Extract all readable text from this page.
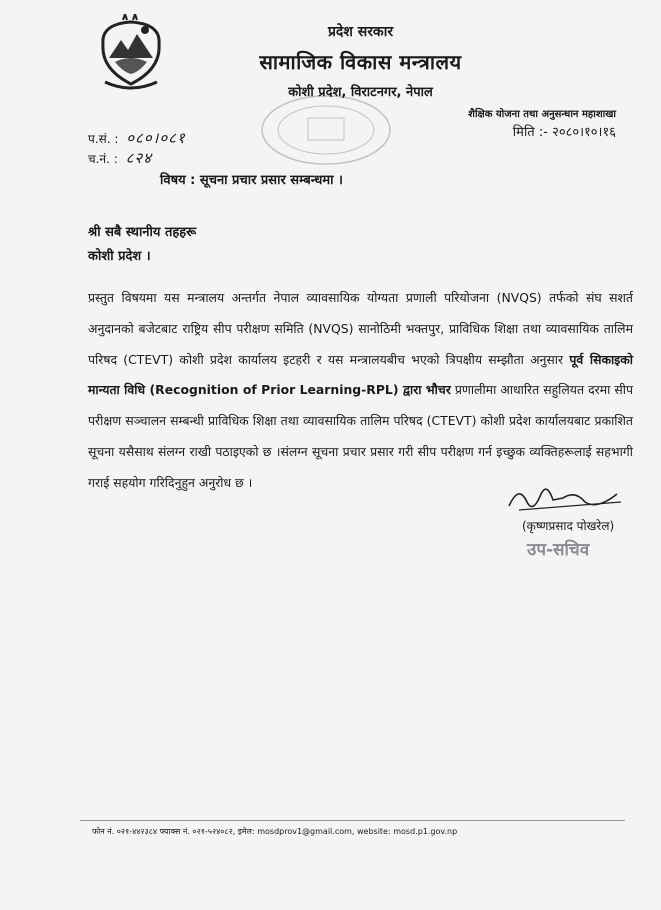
प्रदेश सरकार
सामाजिक विकास मन्त्रालय
कोशी प्रदेश, विराटनगर, नेपाल
शैक्षिक योजना तथा अनुसन्धान महाशाखा
मिति :- २०८०।१०।१६
प.सं. : ०८०।०८१
च.नं. : ८२४
विषय : सूचना प्रचार प्रसार सम्बन्धमा ।
श्री सबै स्थानीय तहहरू
कोशी प्रदेश ।
प्रस्तुत विषयमा यस मन्त्रालय अन्तर्गत नेपाल व्यावसायिक योग्यता प्रणाली परियोजना (NVQS) तर्फको संघ सशर्त अनुदानको बजेटबाट राष्ट्रिय सीप परीक्षण समिति (NVQS) सानोठिमी भक्तपुर, प्राविधिक शिक्षा तथा व्यावसायिक तालिम परिषद (CTEVT) कोशी प्रदेश कार्यालय इटहरी र यस मन्त्रालयबीच भएको त्रिपक्षीय सम्झौता अनुसार पूर्व सिकाइको मान्यता विधि (Recognition of Prior Learning-RPL) द्वारा भौचर प्रणालीमा आधारित सहुलियत दरमा सीप परीक्षण सञ्चालन सम्बन्धी प्राविधिक शिक्षा तथा व्यावसायिक तालिम परिषद (CTEVT) कोशी प्रदेश कार्यालयबाट प्रकाशित सूचना यसैसाथ संलग्न राखी पठाइएको छ ।संलग्न सूचना प्रचार प्रसार गरी सीप परीक्षण गर्न इच्छुक व्यक्तिहरूलाई सहभागी गराई सहयोग गरिदिनुहुन अनुरोध छ ।
(कृष्णप्रसाद पोखरेल)
उप-सचिव
फोन नं. ०२१-४४२३८४ फ्याक्स नं. ०२१-५२४०८२, इमेल: mosdprov1@gmail.com, website: mosd.p1.gov.np
